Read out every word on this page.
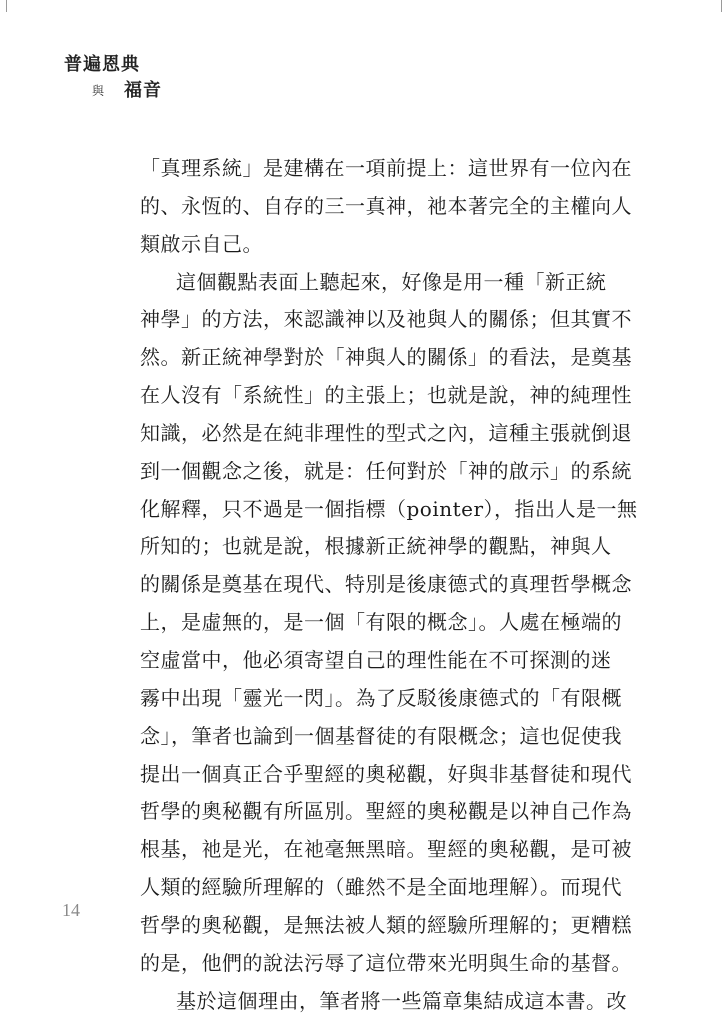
普遍恩典
與 福音
「真理系統」是建構在一項前提上：這世界有一位內在
的、永恆的、自存的三一真神，祂本著完全的主權向人
類啟示自己。
這個觀點表面上聽起來，好像是用一種「新正統
神學」的方法，來認識神以及祂與人的關係；但其實不
然。新正統神學對於「神與人的關係」的看法，是奠基
在人沒有「系統性」的主張上；也就是說，神的純理性
知識，必然是在純非理性的型式之內，這種主張就倒退
到一個觀念之後，就是：任何對於「神的啟示」的系統
化解釋，只不過是一個指標（pointer），指出人是一無
所知的；也就是說，根據新正統神學的觀點，神與人
的關係是奠基在現代、特別是後康德式的真理哲學概念
上，是虛無的，是一個「有限的概念」。人處在極端的
空虛當中，他必須寄望自己的理性能在不可探測的迷
霧中出現「靈光一閃」。為了反駁後康德式的「有限概
念」，筆者也論到一個基督徒的有限概念；這也促使我
提出一個真正合乎聖經的奧秘觀，好與非基督徒和現代
哲學的奧秘觀有所區別。聖經的奧秘觀是以神自己作為
根基，祂是光，在祂毫無黑暗。聖經的奧秘觀，是可被
人類的經驗所理解的（雖然不是全面地理解）。而現代
哲學的奧秘觀，是無法被人類的經驗所理解的；更糟糕
的是，他們的說法污辱了這位帶來光明與生命的基督。
基於這個理由，筆者將一些篇章集結成這本書。改
14
